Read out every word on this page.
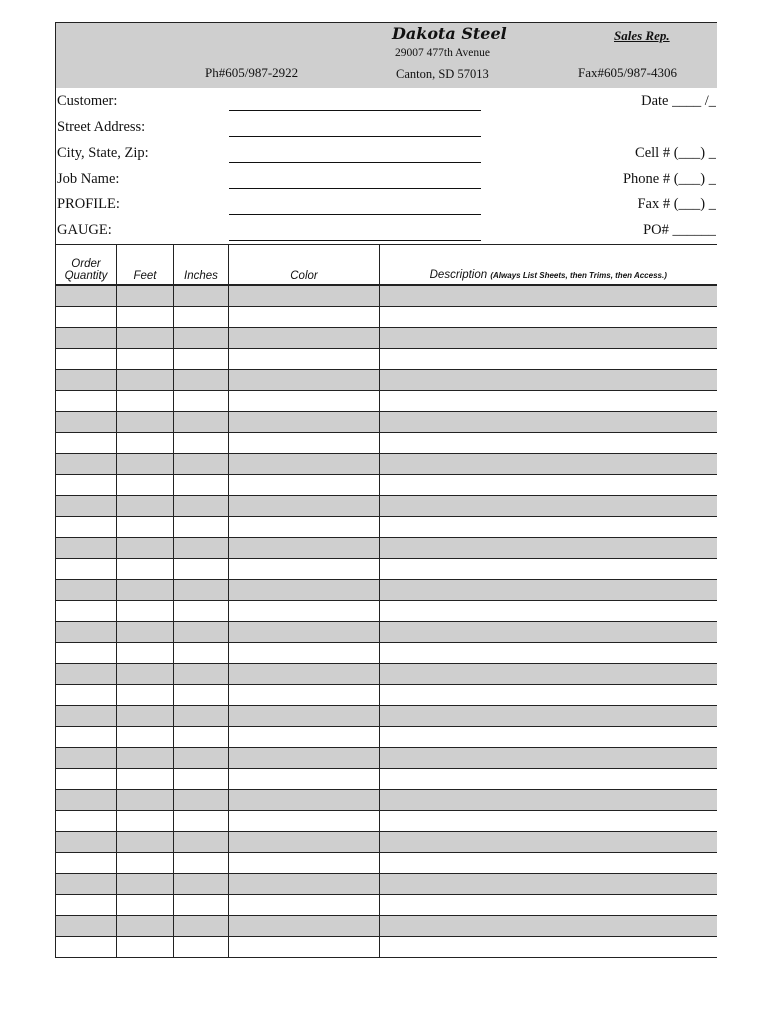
Dakota Steel
29007 477th Avenue
Canton, SD 57013
Sales Rep.
Ph#605/987-2922	Fax#605/987-4306
Customer:
Street Address:
City, State, Zip:
Job Name:
PROFILE:
GAUGE:
Date ____ /_
Cell # (___) _
Phone # (___) _
Fax # (___) _
PO# ______
Order
Quantity	Feet	Inches	Color	Description (Always List Sheets, then Trims, then Access.)
